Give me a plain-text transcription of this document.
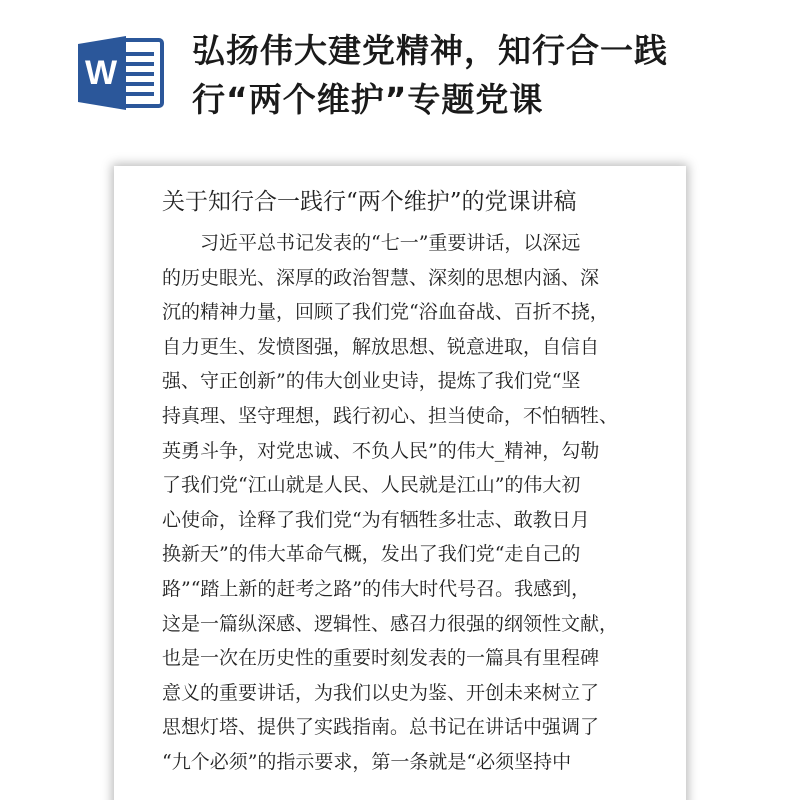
W
弘扬伟大建党精神，知行合一践
行“两个维护”专题党课
关于知行合一践行“两个维护”的党课讲稿
习近平总书记发表的“七一”重要讲话，以深远
的历史眼光、深厚的政治智慧、深刻的思想内涵、深
沉的精神力量，回顾了我们党“浴血奋战、百折不挠，
自力更生、发愤图强，解放思想、锐意进取，自信自
强、守正创新”的伟大创业史诗，提炼了我们党“坚
持真理、坚守理想，践行初心、担当使命，不怕牺牲、
英勇斗争，对党忠诚、不负人民”的伟大_精神，勾勒
了我们党“江山就是人民、人民就是江山”的伟大初
心使命，诠释了我们党“为有牺牲多壮志、敢教日月
换新天”的伟大革命气概，发出了我们党“走自己的
路”“踏上新的赶考之路”的伟大时代号召。我感到，
这是一篇纵深感、逻辑性、感召力很强的纲领性文献，
也是一次在历史性的重要时刻发表的一篇具有里程碑
意义的重要讲话，为我们以史为鉴、开创未来树立了
思想灯塔、提供了实践指南。总书记在讲话中强调了
“九个必须”的指示要求，第一条就是“必须坚持中
